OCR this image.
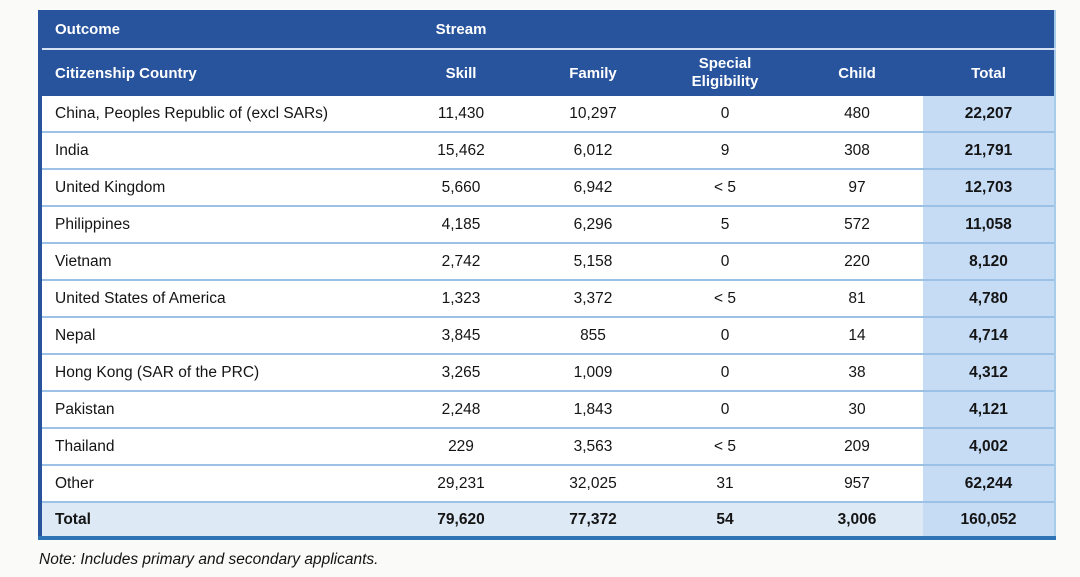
Outcome	Stream				
Citizenship Country	Skill	Family	Special Eligibility	Child	Total
China, Peoples Republic of (excl SARs)	11,430	10,297	0	480	22,207
India	15,462	6,012	9	308	21,791
United Kingdom	5,660	6,942	< 5	97	12,703
Philippines	4,185	6,296	5	572	11,058
Vietnam	2,742	5,158	0	220	8,120
United States of America	1,323	3,372	< 5	81	4,780
Nepal	3,845	855	0	14	4,714
Hong Kong (SAR of the PRC)	3,265	1,009	0	38	4,312
Pakistan	2,248	1,843	0	30	4,121
Thailand	229	3,563	< 5	209	4,002
Other	29,231	32,025	31	957	62,244
Total	79,620	77,372	54	3,006	160,052
Note: Includes primary and secondary applicants.
